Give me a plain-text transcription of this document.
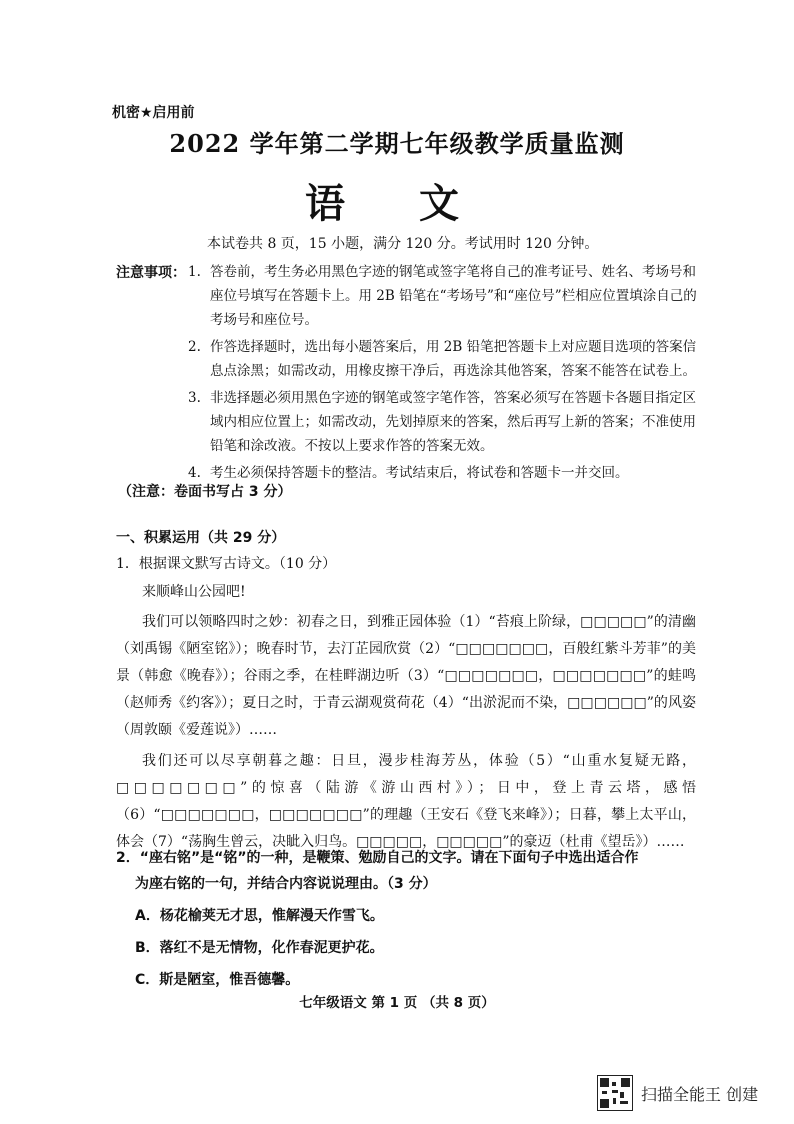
机密★启用前
2022 学年第二学期七年级教学质量监测
语 文
本试卷共 8 页，15 小题，满分 120 分。考试用时 120 分钟。
注意事项： 1. 答卷前，考生务必用黑色字迹的钢笔或签字笔将自己的准考证号、姓名、考场号和座位号填写在答题卡上。用 2B 铅笔在“考场号”和“座位号”栏相应位置填涂自己的考场号和座位号。
2. 作答选择题时，选出每小题答案后，用 2B 铅笔把答题卡上对应题目选项的答案信息点涂黑；如需改动，用橡皮擦干净后，再选涂其他答案，答案不能答在试卷上。
3. 非选择题必须用黑色字迹的钢笔或签字笔作答，答案必须写在答题卡各题目指定区域内相应位置上；如需改动，先划掉原来的答案，然后再写上新的答案；不准使用铅笔和涂改液。不按以上要求作答的答案无效。
4. 考生必须保持答题卡的整洁。考试结束后，将试卷和答题卡一并交回。
（注意：卷面书写占 3 分）
一、积累运用（共 29 分）

1．根据课文默写古诗文。（10 分）

来顺峰山公园吧!

我们可以领略四时之妙：初春之日，到雅正园体验（1）“苔痕上阶绿，□□□□□”的清幽（刘禹锡《陋室铭》）；晚春时节，去汀芷园欣赏（2）“□□□□□□□，百般红紫斗芳菲”的美景（韩愈《晚春》）；谷雨之季，在桂畔湖边听（3）“□□□□□□□，□□□□□□□”的蛙鸣（赵师秀《约客》）；夏日之时，于青云湖观赏荷花（4）“出淤泥而不染，□□□□□□”的风姿（周敦颐《爱莲说》）……

我们还可以尽享朝暮之趣：日旦，漫步桂海芳丛，体验（5）“山重水复疑无路，□□□□□□□”的惊喜（陆游《游山西村》）；日中，登上青云塔，感悟（6）“□□□□□□□，□□□□□□□”的理趣（王安石《登飞来峰》）；日暮，攀上太平山，体会（7）“荡胸生曾云，决眦入归鸟。□□□□□，□□□□□”的豪迈（杜甫《望岳》）……

2．“座右铭”是“铭”的一种，是鞭策、勉励自己的文字。请在下面句子中选出适合作
为座右铭的一句，并结合内容说说理由。（3 分）
A．杨花榆荚无才思，惟解漫天作雪飞。
B．落红不是无情物，化作春泥更护花。
C．斯是陋室，惟吾德馨。
七年级语文 第 1 页 （共 8 页）
扫描全能王 创建
